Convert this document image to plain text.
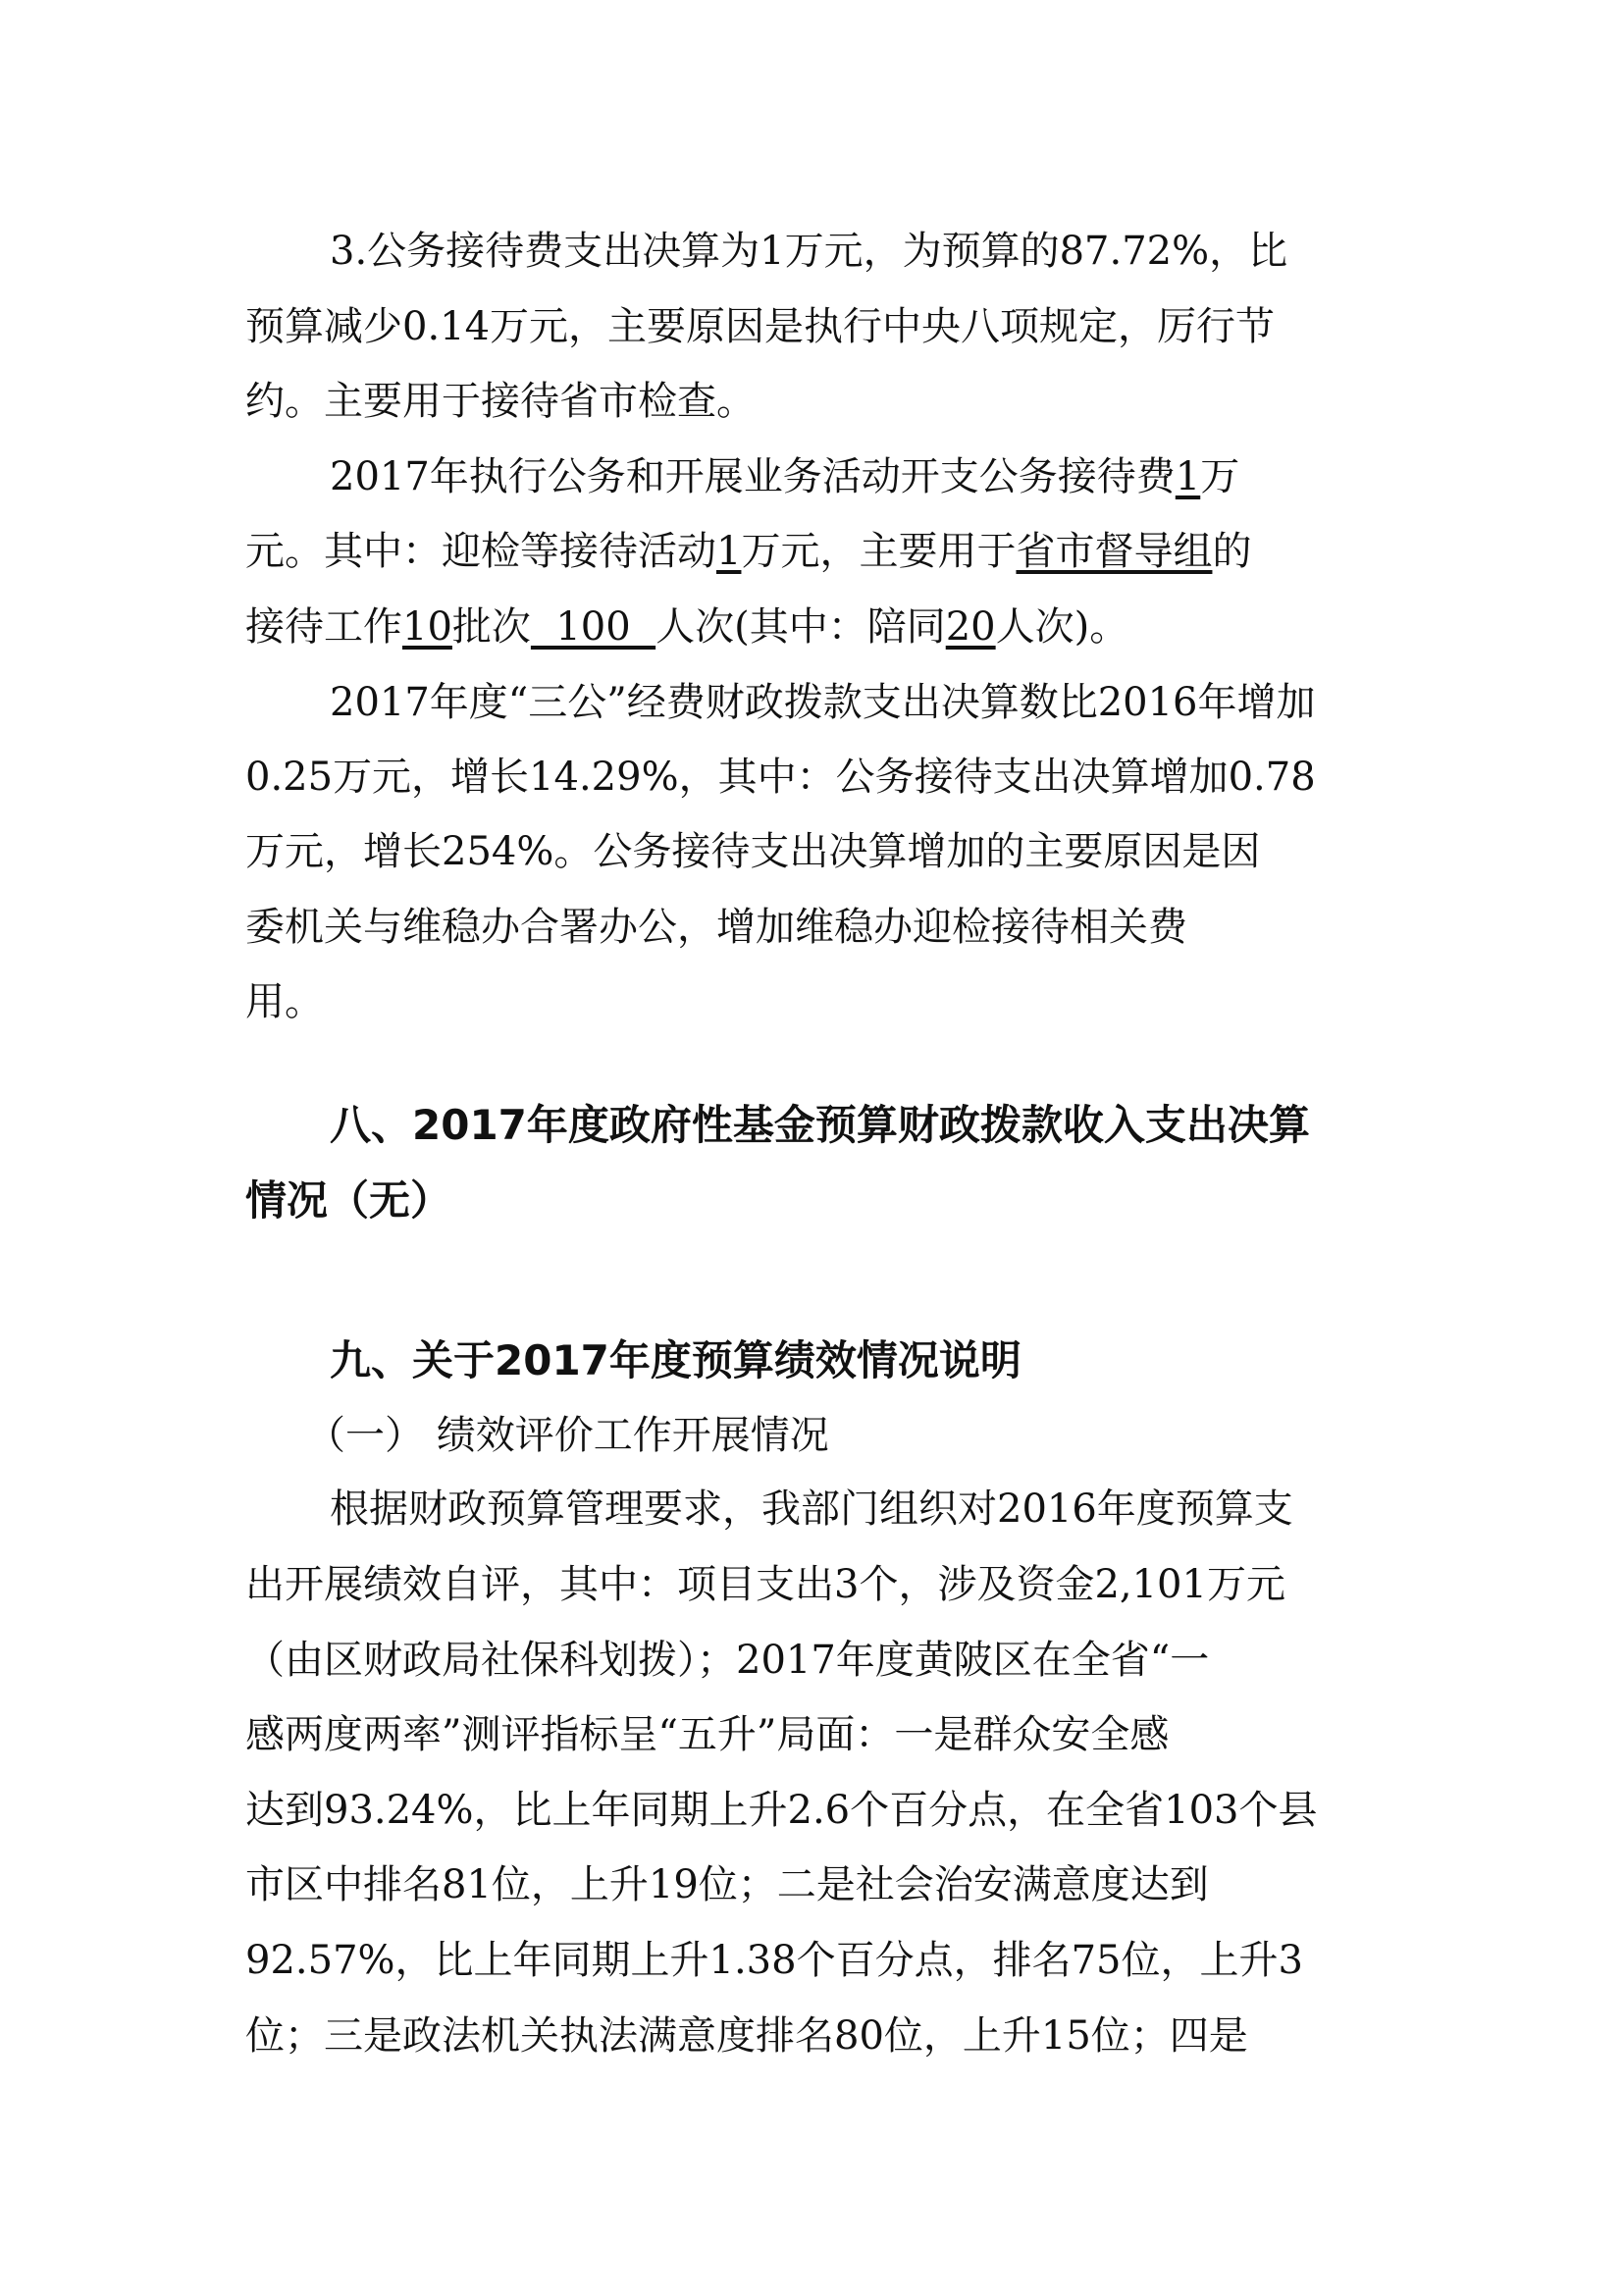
3.公务接待费支出决算为1万元，为预算的87.72%，比

预算减少0.14万元，主要原因是执行中央八项规定，厉行节

约。主要用于接待省市检查。

2017年执行公务和开展业务活动开支公务接待费1万

元。其中：迎检等接待活动1万元，主要用于省市督导组的

接待工作10批次  100  人次(其中：陪同20人次)。

2017年度“三公”经费财政拨款支出决算数比2016年增加

0.25万元，增长14.29%，其中：公务接待支出决算增加0.78

万元，增长254%。公务接待支出决算增加的主要原因是因

委机关与维稳办合署办公，增加维稳办迎检接待相关费

用。

八、2017年度政府性基金预算财政拨款收入支出决算
情况（无）
九、关于2017年度预算绩效情况说明

（一） 绩效评价工作开展情况

根据财政预算管理要求，我部门组织对2016年度预算支

出开展绩效自评，其中：项目支出3个，涉及资金2,101万元

（由区财政局社保科划拨）；2017年度黄陂区在全省“一

感两度两率”测评指标呈“五升”局面：一是群众安全感

达到93.24%，比上年同期上升2.6个百分点，在全省103个县

市区中排名81位，上升19位；二是社会治安满意度达到

92.57%，比上年同期上升1.38个百分点，排名75位，上升3

位；三是政法机关执法满意度排名80位，上升15位；四是
